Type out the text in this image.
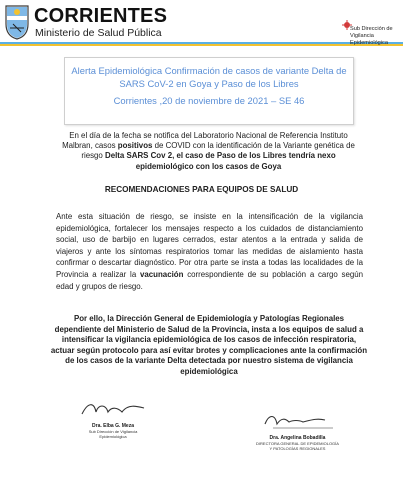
CORRIENTES
Ministerio de Salud Pública	Sub Dirección de
Vigilancia Epidemiológica
Alerta Epidemiológica Confirmación de casos de variante Delta de
SARS CoV-2 en Goya y Paso de los Libres
Corrientes ,20 de noviembre de 2021 – SE 46
En el día de la fecha se notifica del Laboratorio Nacional de Referencia Instituto Malbran, casos positivos de COVID con la identificación de la Variante genética de riesgo Delta SARS Cov 2, el caso de Paso de los Libres tendría nexo epidemiológico con los casos de Goya
RECOMENDACIONES PARA EQUIPOS DE SALUD
Ante esta situación de riesgo, se insiste en la intensificación de la vigilancia epidemiológica, fortalecer los mensajes respecto a los cuidados de distanciamiento social, uso de barbijo en lugares cerrados, estar atentos a la entrada y salida de viajeros y ante los síntomas respiratorios tomar las medidas de aislamiento hasta confirmar o descartar diagnóstico. Por otra parte se insta a todas las localidades de la Provincia a realizar la vacunación correspondiente de su población a cargo según edad y grupos de riesgo.
Por ello, la Dirección General de Epidemiología y Patologías Regionales dependiente del Ministerio de Salud de la Provincia, insta a los equipos de salud a intensificar la vigilancia epidemiológica de los casos de infección respiratoria, actuar según protocolo para así evitar brotes y complicaciones ante la confirmación de los casos de la variante Delta detectada por nuestro sistema de vigilancia epidemiológica
Dra. Elba G. Meza
Sub Dirección de Vigilancia Epidemiológica	Dra. Angelina Bobadilla
DIRECTORA GENERAL DE EPIDEMIOLOGÍA
Y PATOLOGÍAS REGIONALES
